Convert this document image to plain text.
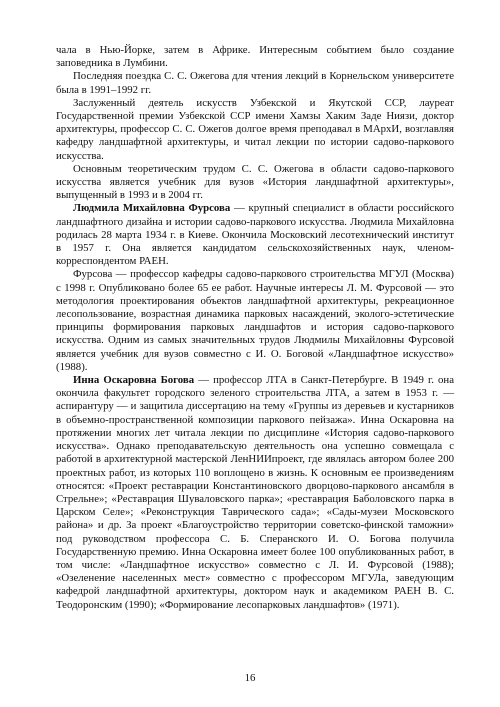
чала в Нью-Йорке, затем в Африке. Интересным событием было создание заповедника в Лумбини.

Последняя поездка С. С. Ожегова для чтения лекций в Корнельском университете была в 1991–1992 гг.

Заслуженный деятель искусств Узбекской и Якутской ССР, лауреат Государственной премии Узбекской ССР имени Хамзы Хаким Заде Ниязи, доктор архитектуры, профессор С. С. Ожегов долгое время преподавал в МАрхИ, возглавляя кафедру ландшафтной архитектуры, и читал лекции по истории садово-паркового искусства.

Основным теоретическим трудом С. С. Ожегова в области садово-паркового искусства является учебник для вузов «История ландшафтной архитектуры», выпущенный в 1993 и в 2004 гг.

Людмила Михайловна Фурсова — крупный специалист в области российского ландшафтного дизайна и истории садово-паркового искусства. Людмила Михайловна родилась 28 марта 1934 г. в Киеве. Окончила Московский лесотехнический институт в 1957 г. Она является кандидатом сельскохозяйственных наук, членом-корреспондентом РАЕН.

Фурсова — профессор кафедры садово-паркового строительства МГУЛ (Москва) с 1998 г. Опубликовано более 65 ее работ. Научные интересы Л. М. Фурсовой — это методология проектирования объектов ландшафтной архитектуры, рекреационное лесопользование, возрастная динамика парковых насаждений, эколого-эстетические принципы формирования парковых ландшафтов и история садово-паркового искусства. Одним из самых значительных трудов Людмилы Михайловны Фурсовой является учебник для вузов совместно с И. О. Боговой «Ландшафтное искусство» (1988).

Инна Оскаровна Богова — профессор ЛТА в Санкт-Петербурге. В 1949 г. она окончила факультет городского зеленого строительства ЛТА, а затем в 1953 г. — аспирантуру — и защитила диссертацию на тему «Группы из деревьев и кустарников в объемно-пространственной композиции паркового пейзажа». Инна Оскаровна на протяжении многих лет читала лекции по дисциплине «История садово-паркового искусства». Однако преподавательскую деятельность она успешно совмещала с работой в архитектурной мастерской ЛенНИИпроект, где являлась автором более 200 проектных работ, из которых 110 воплощено в жизнь. К основным ее произведениям относятся: «Проект реставрации Константиновского дворцово-паркового ансамбля в Стрельне»; «Реставрация Шуваловского парка»; «реставрация Баболовского парка в Царском Селе»; «Реконструкция Таврического сада»; «Сады-музеи Московского района» и др. За проект «Благоустройство территории советско-финской таможни» под руководством профессора С. Б. Сперанского И. О. Богова получила Государственную премию. Инна Оскаровна имеет более 100 опубликованных работ, в том числе: «Ландшафтное искусство» совместно с Л. И. Фурсовой (1988); «Озеленение населенных мест» совместно с профессором МГУЛа, заведующим кафедрой ландшафтной архитектуры, доктором наук и академиком РАЕН В. С. Теодоронским (1990); «Формирование лесопарковых ландшафтов» (1971).

16
